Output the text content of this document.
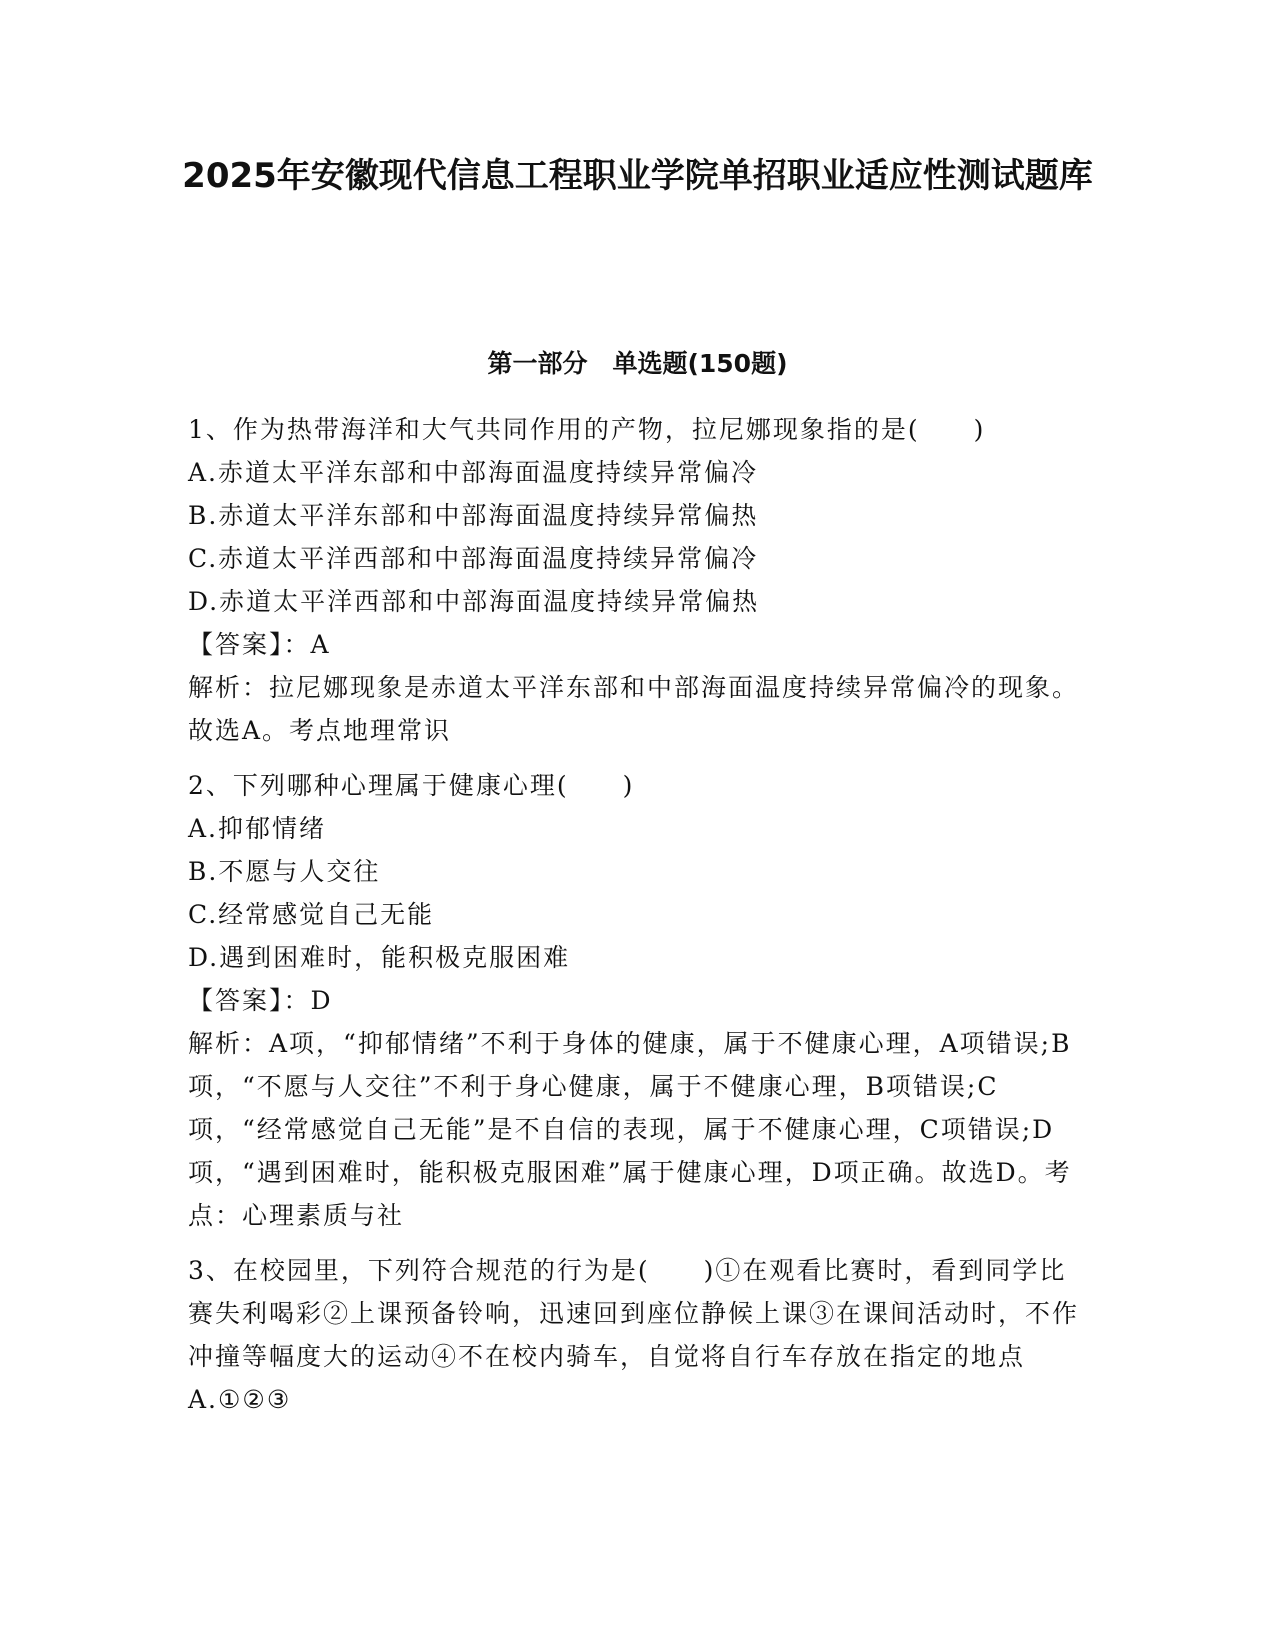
2025年安徽现代信息工程职业学院单招职业适应性测试题库
第一部分　单选题(150题)

1、作为热带海洋和大气共同作用的产物，拉尼娜现象指的是(　　)

A.赤道太平洋东部和中部海面温度持续异常偏冷
B.赤道太平洋东部和中部海面温度持续异常偏热
C.赤道太平洋西部和中部海面温度持续异常偏冷
D.赤道太平洋西部和中部海面温度持续异常偏热

【答案】：A

解析：拉尼娜现象是赤道太平洋东部和中部海面温度持续异常偏冷的现象。故选A。考点地理常识

2、下列哪种心理属于健康心理(　　)

A.抑郁情绪
B.不愿与人交往
C.经常感觉自己无能
D.遇到困难时，能积极克服困难

【答案】：D

解析：A项，“抑郁情绪”不利于身体的健康，属于不健康心理，A项错误;B项，“不愿与人交往”不利于身心健康，属于不健康心理，B项错误;C项，“经常感觉自己无能”是不自信的表现，属于不健康心理，C项错误;D项，“遇到困难时，能积极克服困难”属于健康心理，D项正确。故选D。考点：心理素质与社

3、在校园里，下列符合规范的行为是(　　)①在观看比赛时，看到同学比赛失利喝彩②上课预备铃响，迅速回到座位静候上课③在课间活动时，不作冲撞等幅度大的运动④不在校内骑车，自觉将自行车存放在指定的地点

A.①②③
